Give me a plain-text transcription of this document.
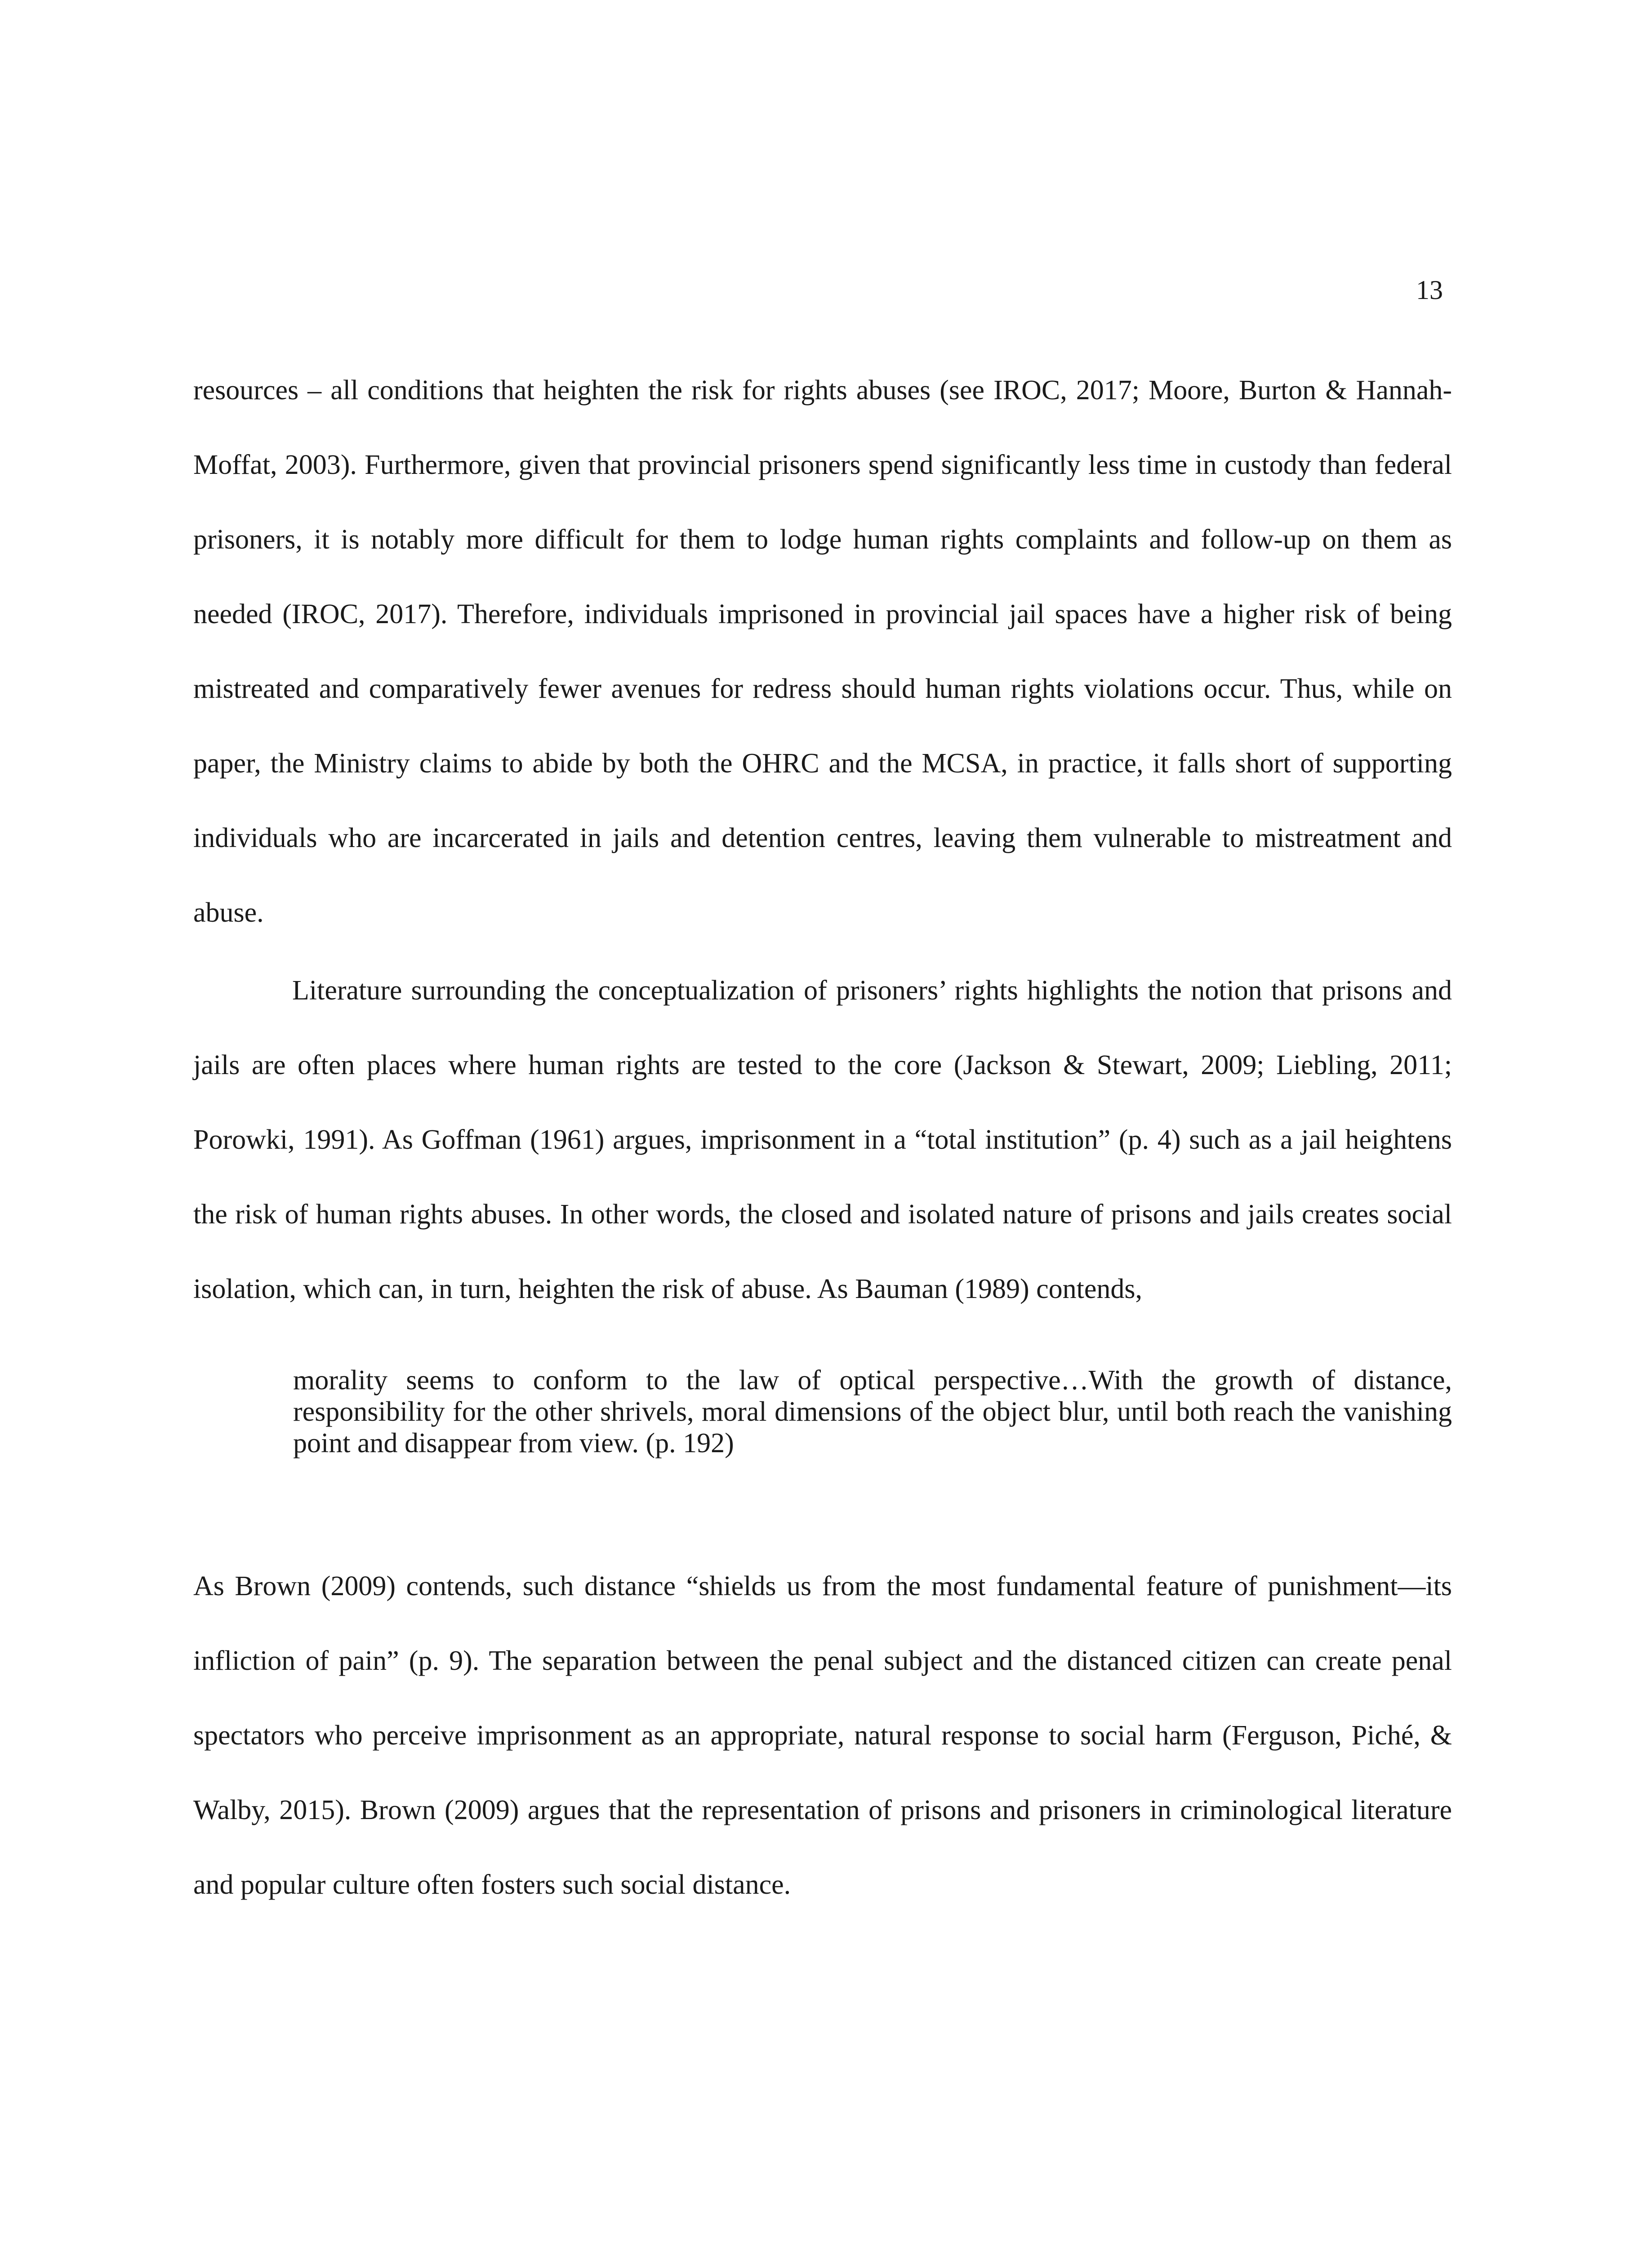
13

resources – all conditions that heighten the risk for rights abuses (see IROC, 2017; Moore, Burton & Hannah-Moffat, 2003). Furthermore, given that provincial prisoners spend significantly less time in custody than federal prisoners, it is notably more difficult for them to lodge human rights complaints and follow-up on them as needed (IROC, 2017). Therefore, individuals imprisoned in provincial jail spaces have a higher risk of being mistreated and comparatively fewer avenues for redress should human rights violations occur. Thus, while on paper, the Ministry claims to abide by both the OHRC and the MCSA, in practice, it falls short of supporting individuals who are incarcerated in jails and detention centres, leaving them vulnerable to mistreatment and abuse.

Literature surrounding the conceptualization of prisoners’ rights highlights the notion that prisons and jails are often places where human rights are tested to the core (Jackson & Stewart, 2009; Liebling, 2011; Porowki, 1991). As Goffman (1961) argues, imprisonment in a “total institution” (p. 4) such as a jail heightens the risk of human rights abuses. In other words, the closed and isolated nature of prisons and jails creates social isolation, which can, in turn, heighten the risk of abuse. As Bauman (1989) contends,

morality seems to conform to the law of optical perspective…With the growth of distance, responsibility for the other shrivels, moral dimensions of the object blur, until both reach the vanishing point and disappear from view. (p. 192)

As Brown (2009) contends, such distance “shields us from the most fundamental feature of punishment—its infliction of pain” (p. 9). The separation between the penal subject and the distanced citizen can create penal spectators who perceive imprisonment as an appropriate, natural response to social harm (Ferguson, Piché, & Walby, 2015). Brown (2009) argues that the representation of prisons and prisoners in criminological literature and popular culture often fosters such social distance.
